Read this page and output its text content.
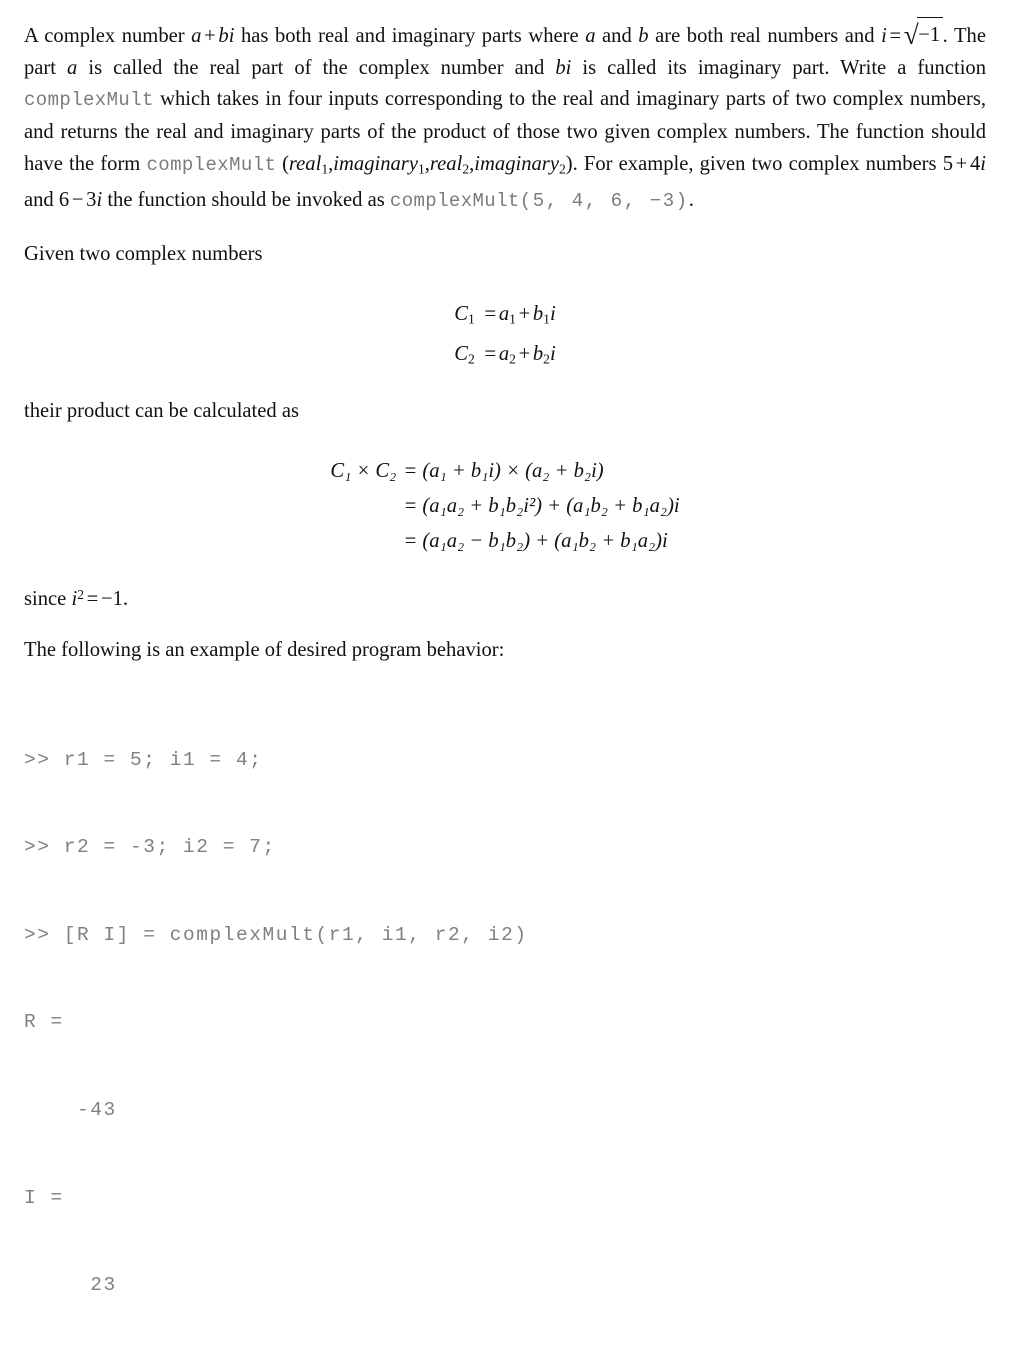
A complex number a + bi has both real and imaginary parts where a and b are both real numbers and i =√−1 . The part a is called the real part of the complex number and bi is called its imaginary part. Write a function complexMult which takes in four inputs corresponding to the real and imaginary parts of two complex numbers, and returns the real and imaginary parts of the product of those two given complex numbers. The function should have the form complexMult (real$_1$,imaginary$_1$,real$_2$,imaginary$_2$). For example, given two complex numbers 5 + 4i and 6 − 3i the function should be invoked as complexMult(5, 4, 6, −3).

Given two complex numbers

$C_1$	= $a_1 + b_1i$
$C_2$	= $a_2 + b_2i$

their product can be calculated as

C₁ × C₂	= (a₁ + b₁i) × (a₂ + b₂i)
	= (a₁a₂ + b₁b₂i²) + (a₁b₂ + b₁a₂)i
	= (a₁a₂ − b₁b₂) + (a₁b₂ + b₁a₂)i

since $i^2 = -1$.

The following is an example of desired program behavior:

>> r1 = 5; i1 = 4;

>> r2 = -3; i2 = 7;

>> [R I] = complexMult(r1, i1, r2, i2)

R =

-43

I =

23
